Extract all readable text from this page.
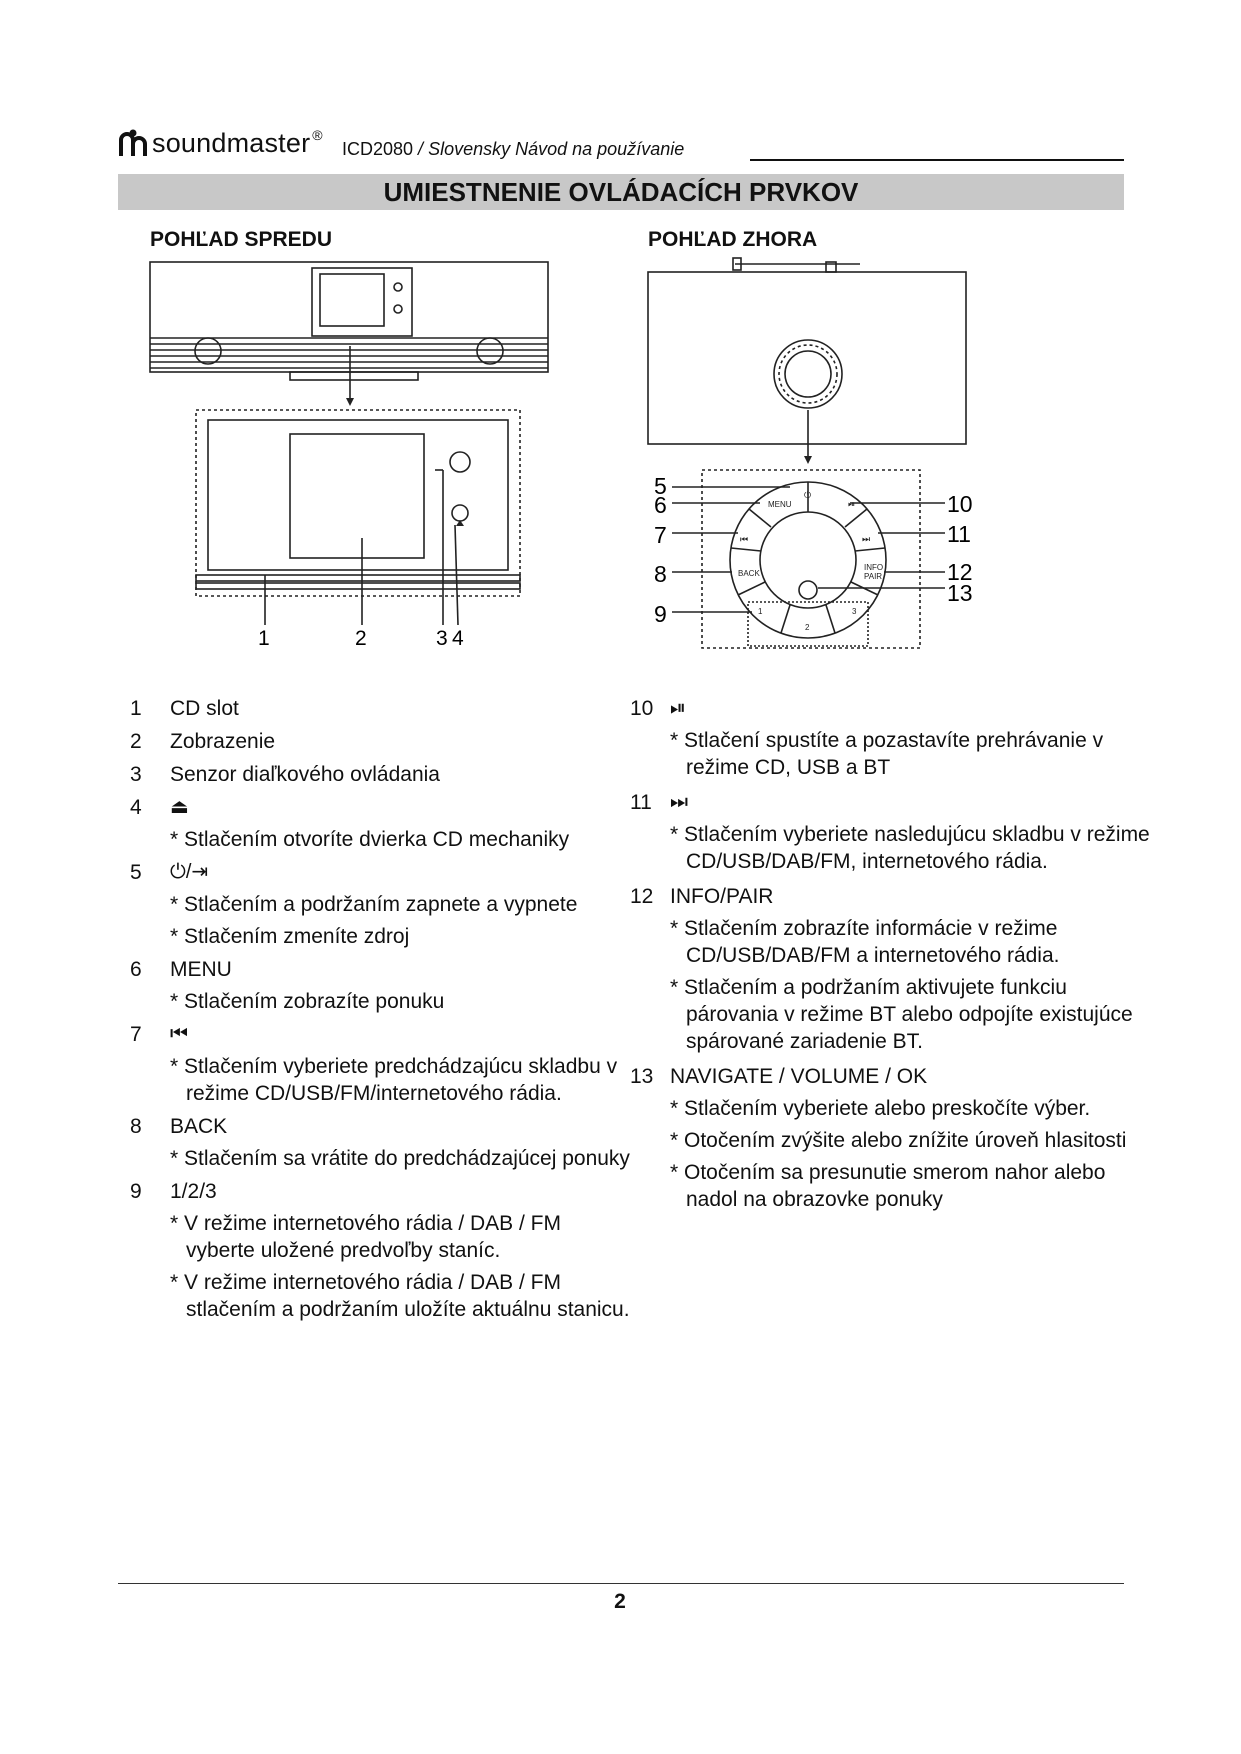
soundmaster ®
ICD2080 / Slovensky Návod na používanie
UMIESTNENIE OVLÁDACÍCH PRVKOV
POHĽAD SPREDU	POHĽAD ZHORA
1	2	3 4
MENU
BACK
INFO
PAIR
1
2
3
⏻
⏮	⏭
⏯
5
6
7
8
9
10
11
12
13
1	CD slot
2	Zobrazenie
3	Senzor diaľkového ovládania
4	⏏
* Stlačením otvoríte dvierka CD mechaniky
5	⏻/⇥
* Stlačením a podržaním zapnete a vypnete
* Stlačením zmeníte zdroj
6	MENU
* Stlačením zobrazíte ponuku
7	⏮
* Stlačením vyberiete predchádzajúcu skladbu v režime CD/USB/FM/internetového rádia.
8	BACK
* Stlačením sa vrátite do predchádzajúcej ponuky
9	1/2/3
* V režime internetového rádia / DAB / FM vyberte uložené predvoľby staníc.
* V režime internetového rádia / DAB / FM stlačením a podržaním uložíte aktuálnu stanicu.
10 ⏯
* Stlačení spustíte a pozastavíte prehrávanie v režime CD, USB a BT
11 ⏭
* Stlačením vyberiete nasledujúcu skladbu v režime CD/USB/DAB/FM, internetového rádia.
12 INFO/PAIR
* Stlačením zobrazíte informácie v režime CD/USB/DAB/FM a internetového rádia.
* Stlačením a podržaním aktivujete funkciu párovania v režime BT alebo odpojíte existujúce spárované zariadenie BT.
13 NAVIGATE / VOLUME / OK
* Stlačením vyberiete alebo preskočíte výber.
* Otočením zvýšite alebo znížite úroveň hlasitosti
* Otočením sa presunutie smerom nahor alebo nadol na obrazovke ponuky
2
